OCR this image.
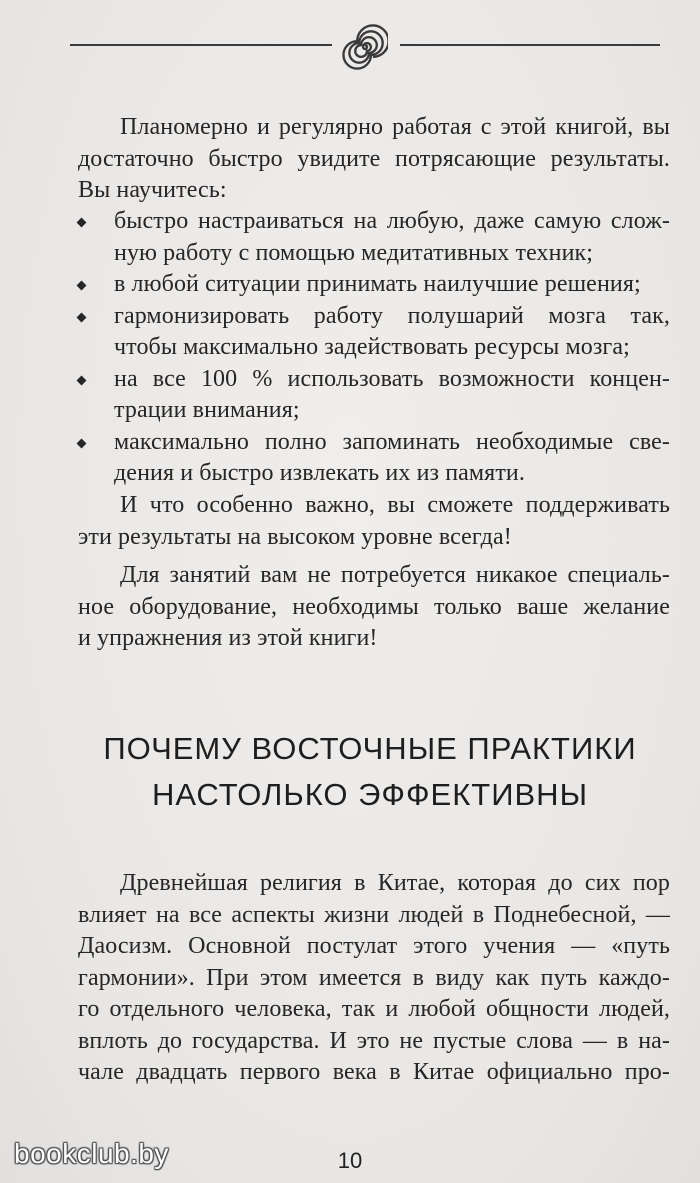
Планомерно и регулярно работая с этой книгой, вы
достаточно быстро увидите потрясающие результаты.
Вы научитесь:
быстро настраиваться на любую, даже самую слож-
ную работу с помощью медитативных техник;
в любой ситуации принимать наилучшие решения;
гармонизировать работу полушарий мозга так,
чтобы максимально задействовать ресурсы мозга;
на все 100 % использовать возможности концен-
трации внимания;
максимально полно запоминать необходимые све-
дения и быстро извлекать их из памяти.
И что особенно важно, вы сможете поддерживать
эти результаты на высоком уровне всегда!
Для занятий вам не потребуется никакое специаль-
ное оборудование, необходимы только ваше желание
и упражнения из этой книги!
ПОЧЕМУ ВОСТОЧНЫЕ ПРАКТИКИ
НАСТОЛЬКО ЭФФЕКТИВНЫ
Древнейшая религия в Китае, которая до сих пор
влияет на все аспекты жизни людей в Поднебесной, —
Даосизм. Основной постулат этого учения — «путь
гармонии». При этом имеется в виду как путь каждо-
го отдельного человека, так и любой общности людей,
вплоть до государства. И это не пустые слова — в на-
чале двадцать первого века в Китае официально про-
bookclub.by	10
